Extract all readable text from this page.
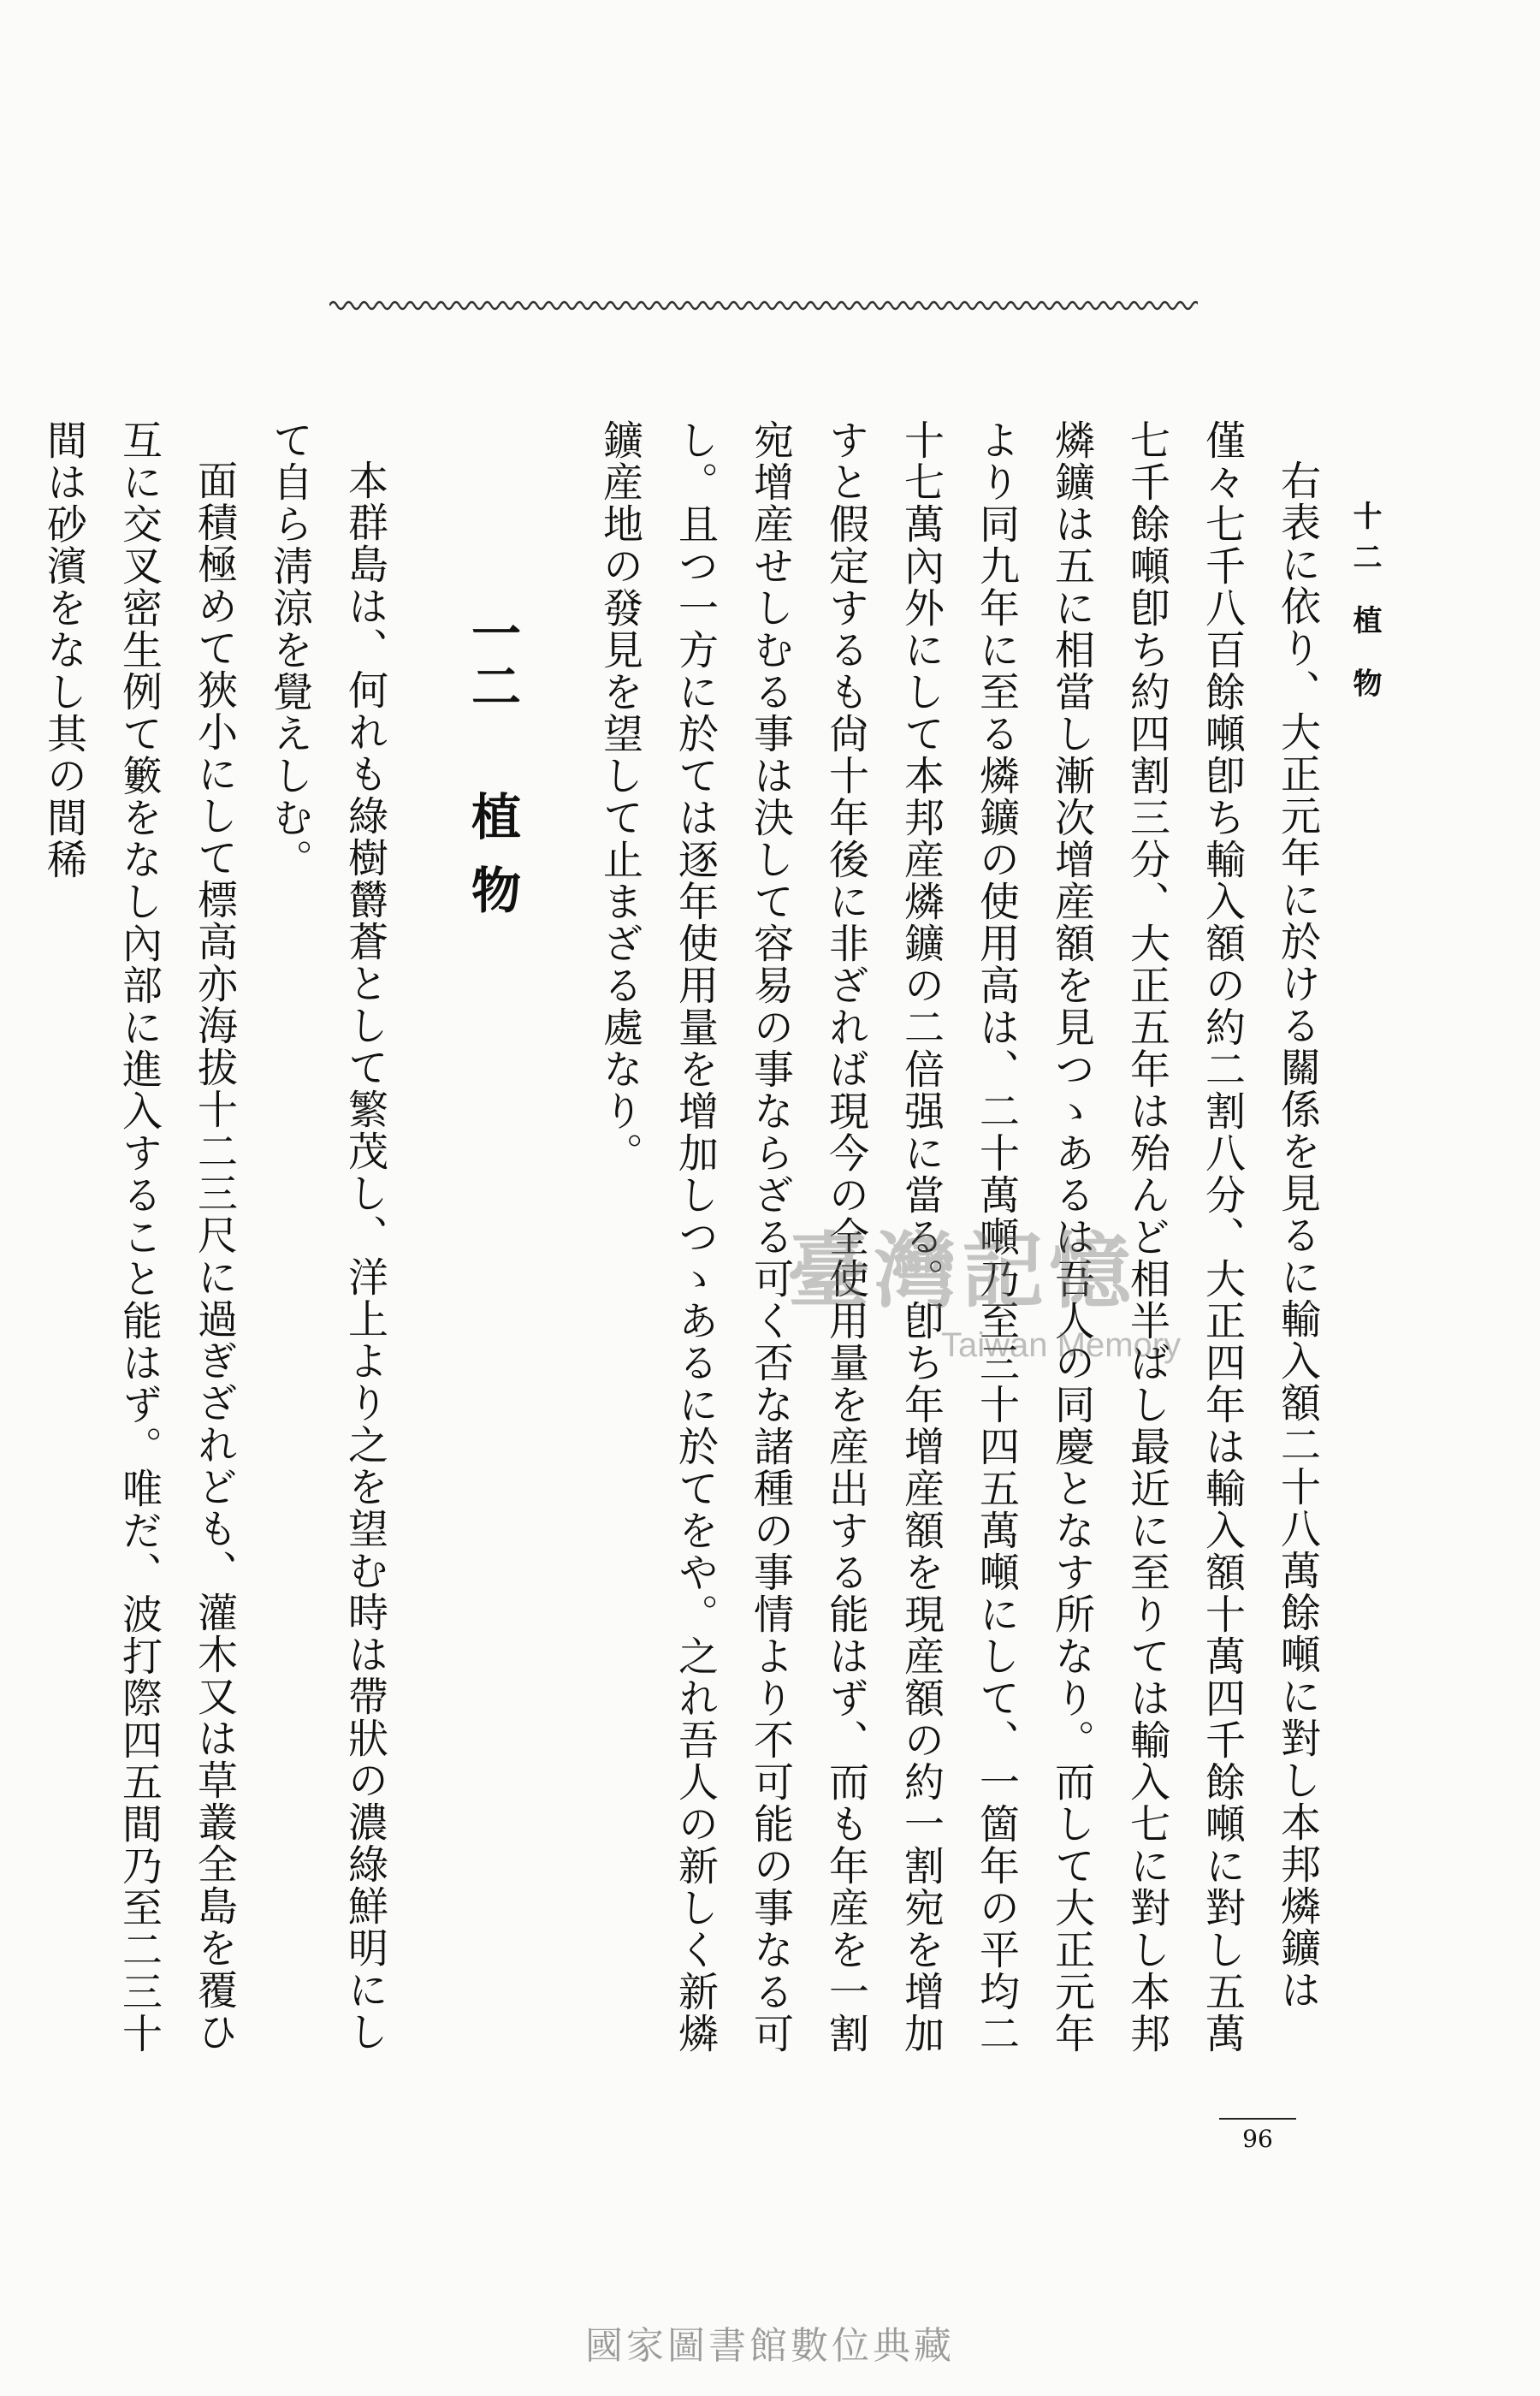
十二 植 物

右表に依り、大正元年に於ける關係を見るに輸入額二十八萬餘噸に對し本邦燐鑛は僅々七千八百餘噸卽ち輸入額の約二割八分、大正四年は輸入額十萬四千餘噸に對し五萬七千餘噸卽ち約四割三分、大正五年は殆んど相半ばし最近に至りては輸入七に對し本邦燐鑛は五に相當し漸次增産額を見つゝあるは吾人の同慶となす所なり。而して大正元年より同九年に至る燐鑛の使用高は、二十萬噸乃至三十四五萬噸にして、一箇年の平均二十七萬內外にして本邦産燐鑛の二倍强に當る。卽ち年增産額を現産額の約一割宛を增加すと假定するも尙十年後に非ざれば現今の全使用量を産出する能はず、而も年産を一割宛增産せしむる事は決して容易の事ならざる可く否な諸種の事情より不可能の事なる可し。且つ一方に於ては逐年使用量を增加しつゝあるに於てをや。之れ吾人の新しく新燐鑛産地の發見を望して止まざる處なり。

一二植 物

本群島は、何れも綠樹欝蒼として繁茂し、洋上より之を望む時は帶狀の濃綠鮮明にして自ら淸涼を覺えしむ。

面積極めて狹小にして標高亦海拔十二三尺に過ぎざれども、灌木又は草叢全島を覆ひ互に交叉密生例て籔をなし內部に進入すること能はず。唯だ、波打際四五間乃至二三十間は砂濱をなし其の間稀

96
臺灣記憶
Taiwan Memory
國家圖書館數位典藏
